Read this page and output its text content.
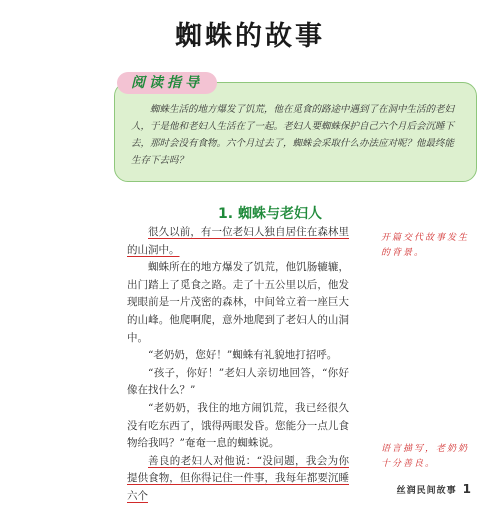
蜘蛛的故事

蜘蛛生活的地方爆发了饥荒，他在觅食的路途中遇到了在洞中生活的老妇人，于是他和老妇人生活在了一起。老妇人要蜘蛛保护自己六个月后会沉睡下去，那时会没有食物。六个月过去了，蜘蛛会采取什么办法应对呢？他最终能生存下去吗？

阅读指导
1. 蜘蛛与老妇人

很久以前，有一位老妇人独自居住在森林里的山洞中。

蜘蛛所在的地方爆发了饥荒，他饥肠辘辘，出门踏上了觅食之路。走了十五公里以后，他发现眼前是一片茂密的森林，中间耸立着一座巨大的山峰。他爬啊爬，意外地爬到了老妇人的山洞中。

“老奶奶，您好！”蜘蛛有礼貌地打招呼。

“孩子，你好！”老妇人亲切地回答，“你好像在找什么？”

“老奶奶，我住的地方闹饥荒，我已经很久没有吃东西了，饿得两眼发昏。您能分一点儿食物给我吗？”奄奄一息的蜘蛛说。

善良的老妇人对他说：“没问题，我会为你提供食物，但你得记住一件事，我每年都要沉睡六个

开篇交代故事发生的背景。
语言描写，老奶奶十分善良。
丝润民间故事 1
